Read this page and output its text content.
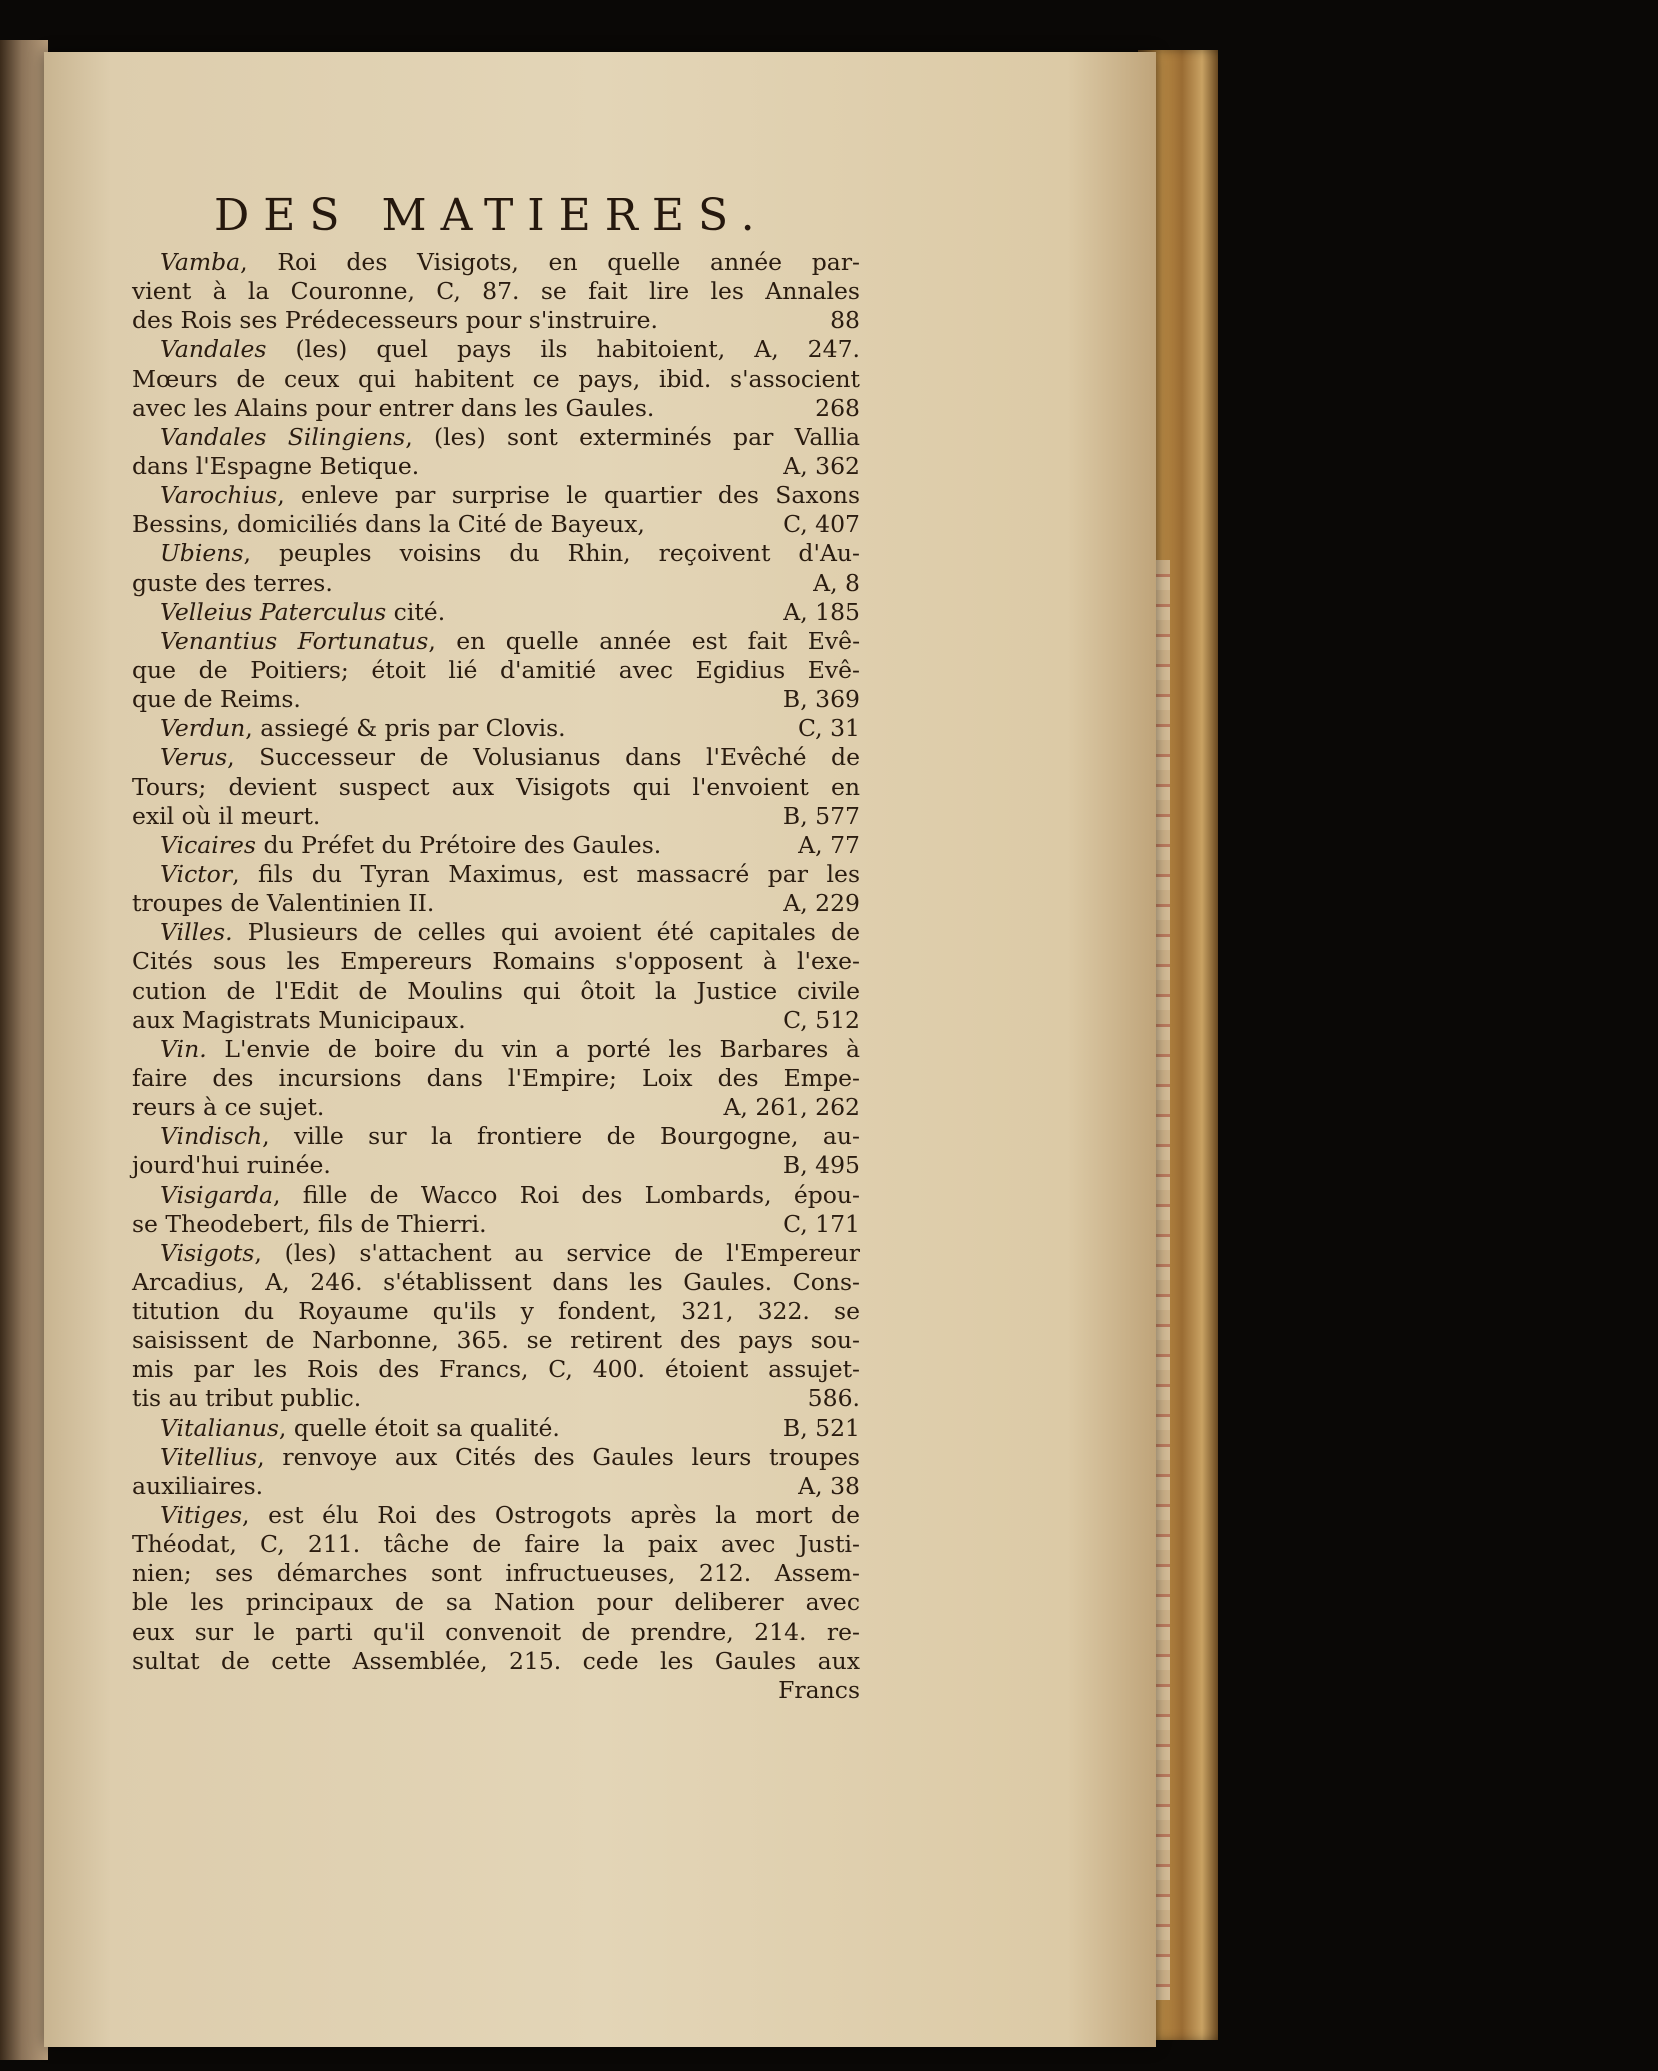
DES MATIERES.
Vamba, Roi des Visigots, en quelle année par-
vient à la Couronne, C, 87. se fait lire les Annales
des Rois ses Prédecesseurs pour s'instruire.	88
Vandales (les) quel pays ils habitoient, A, 247.
Mœurs de ceux qui habitent ce pays, ibid. s'associent
avec les Alains pour entrer dans les Gaules.	268
Vandales Silingiens, (les) sont exterminés par Vallia
dans l'Espagne Betique.	A, 362
Varochius, enleve par surprise le quartier des Saxons
Bessins, domiciliés dans la Cité de Bayeux,	C, 407
Ubiens, peuples voisins du Rhin, reçoivent d'Au-
guste des terres.	A, 8
Velleius Paterculus cité.	A, 185
Venantius Fortunatus, en quelle année est fait Evê-
que de Poitiers; étoit lié d'amitié avec Egidius Evê-
que de Reims.	B, 369
Verdun, assiegé & pris par Clovis.	C, 31
Verus, Successeur de Volusianus dans l'Evêché de
Tours; devient suspect aux Visigots qui l'envoient en
exil où il meurt.	B, 577
Vicaires du Préfet du Prétoire des Gaules.	A, 77
Victor, fils du Tyran Maximus, est massacré par les
troupes de Valentinien II.	A, 229
Villes. Plusieurs de celles qui avoient été capitales de
Cités sous les Empereurs Romains s'opposent à l'exe-
cution de l'Edit de Moulins qui ôtoit la Justice civile
aux Magistrats Municipaux.	C, 512
Vin. L'envie de boire du vin a porté les Barbares à
faire des incursions dans l'Empire; Loix des Empe-
reurs à ce sujet.	A, 261, 262
Vindisch, ville sur la frontiere de Bourgogne, au-
jourd'hui ruinée.	B, 495
Visigarda, fille de Wacco Roi des Lombards, épou-
se Theodebert, fils de Thierri.	C, 171
Visigots, (les) s'attachent au service de l'Empereur
Arcadius, A, 246. s'établissent dans les Gaules. Cons-
titution du Royaume qu'ils y fondent, 321, 322. se
saisissent de Narbonne, 365. se retirent des pays sou-
mis par les Rois des Francs, C, 400. étoient assujet-
tis au tribut public.	586.
Vitalianus, quelle étoit sa qualité.	B, 521
Vitellius, renvoye aux Cités des Gaules leurs troupes
auxiliaires.	A, 38
Vitiges, est élu Roi des Ostrogots après la mort de
Théodat, C, 211. tâche de faire la paix avec Justi-
nien; ses démarches sont infructueuses, 212. Assem-
ble les principaux de sa Nation pour deliberer avec
eux sur le parti qu'il convenoit de prendre, 214. re-
sultat de cette Assemblée, 215. cede les Gaules aux
Francs
